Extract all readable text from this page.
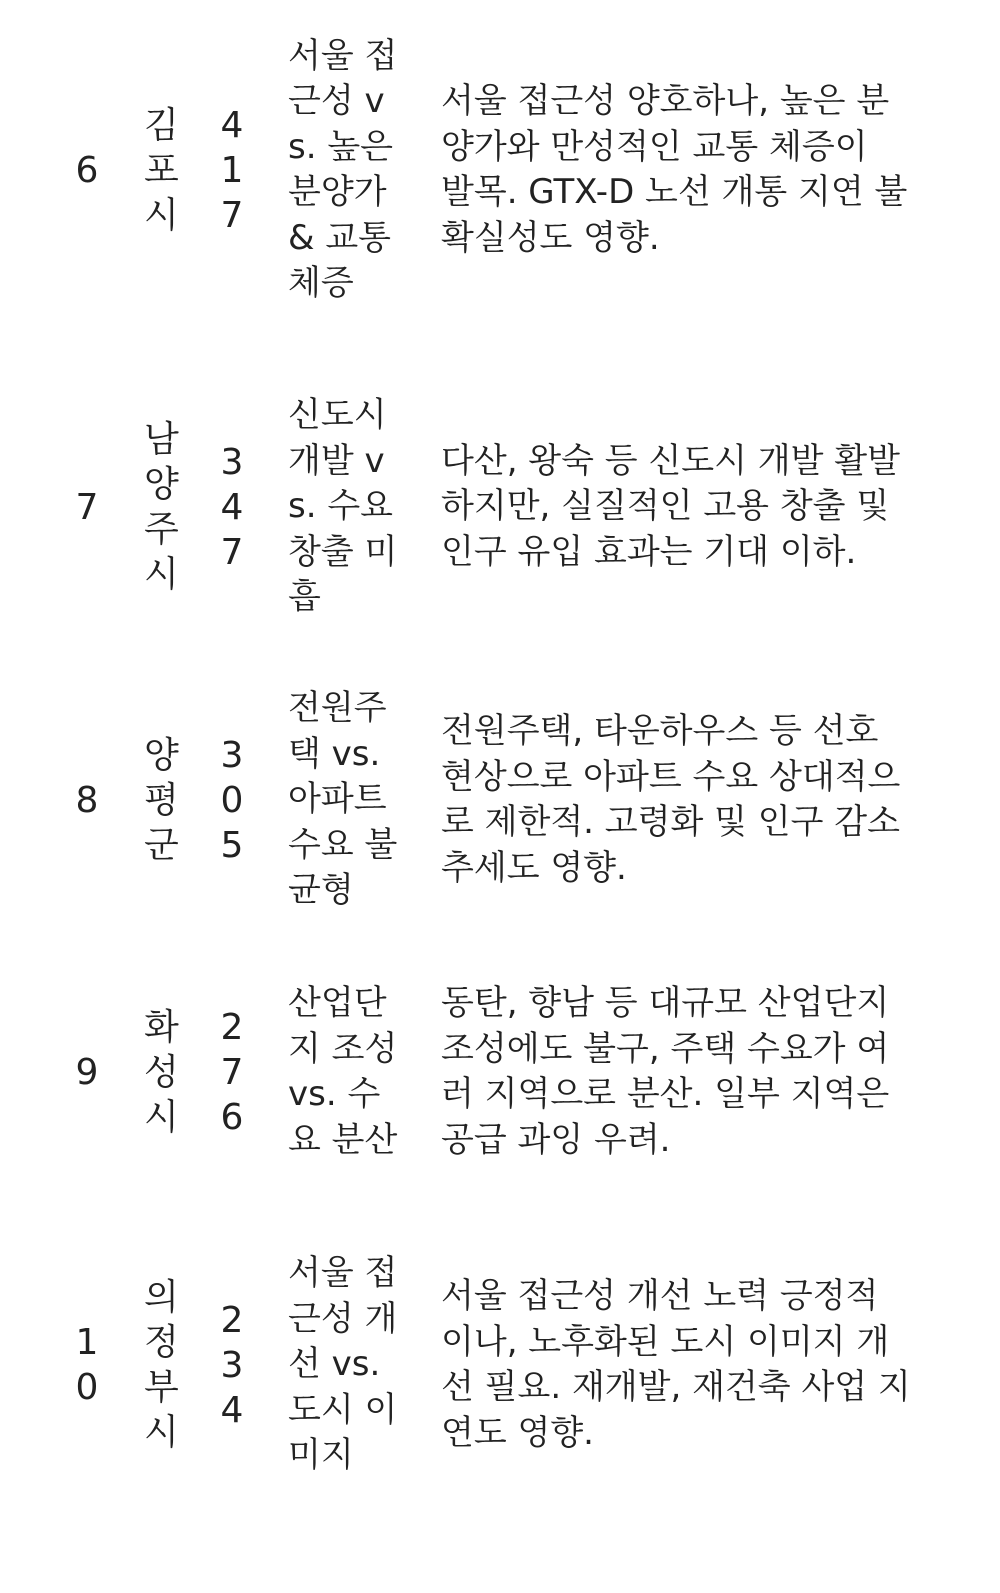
6
김포시
417
서울 접근성 vs. 높은 분양가 & 교통 체증
서울 접근성 양호하나, 높은 분양가와 만성적인 교통 체증이 발목. GTX-D 노선 개통 지연 불확실성도 영향.
7
남양주시
347
신도시 개발 vs. 수요 창출 미흡
다산, 왕숙 등 신도시 개발 활발하지만, 실질적인 고용 창출 및 인구 유입 효과는 기대 이하.
8
양평군
305
전원주택 vs. 아파트 수요 불균형
전원주택, 타운하우스 등 선호 현상으로 아파트 수요 상대적으로 제한적. 고령화 및 인구 감소 추세도 영향.
9
화성시
276
산업단지 조성 vs. 수요 분산
동탄, 향남 등 대규모 산업단지 조성에도 불구, 주택 수요가 여러 지역으로 분산. 일부 지역은 공급 과잉 우려.
10
의정부시
234
서울 접근성 개선 vs. 도시 이미지
서울 접근성 개선 노력 긍정적이나, 노후화된 도시 이미지 개선 필요. 재개발, 재건축 사업 지연도 영향.
